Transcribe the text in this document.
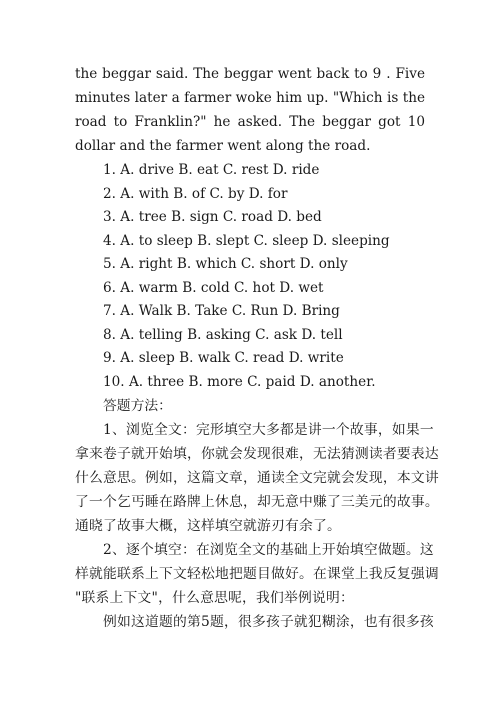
the beggar said. The beggar went back to 9 . Five
minutes later a farmer woke him up. "Which is the
road to Franklin?" he asked. The beggar got 10
dollar and the farmer went along the road.
1. A. drive B. eat C. rest D. ride
2. A. with B. of C. by D. for
3. A. tree B. sign C. road D. bed
4. A. to sleep B. slept C. sleep D. sleeping
5. A. right B. which C. short D. only
6. A. warm B. cold C. hot D. wet
7. A. Walk B. Take C. Run D. Bring
8. A. telling B. asking C. ask D. tell
9. A. sleep B. walk C. read D. write
10. A. three B. more C. paid D. another.
答题方法：
1、浏览全文：完形填空大多都是讲一个故事，如果一
拿来卷子就开始填，你就会发现很难，无法猜测读者要表达
什么意思。例如，这篇文章，通读全文完就会发现，本文讲
了一个乞丐睡在路牌上休息，却无意中赚了三美元的故事。
通晓了故事大概，这样填空就游刃有余了。
2、逐个填空：在浏览全文的基础上开始填空做题。这
样就能联系上下文轻松地把题目做好。在课堂上我反复强调
"联系上下文"，什么意思呢，我们举例说明：
例如这道题的第5题，很多孩子就犯糊涂，也有很多孩
